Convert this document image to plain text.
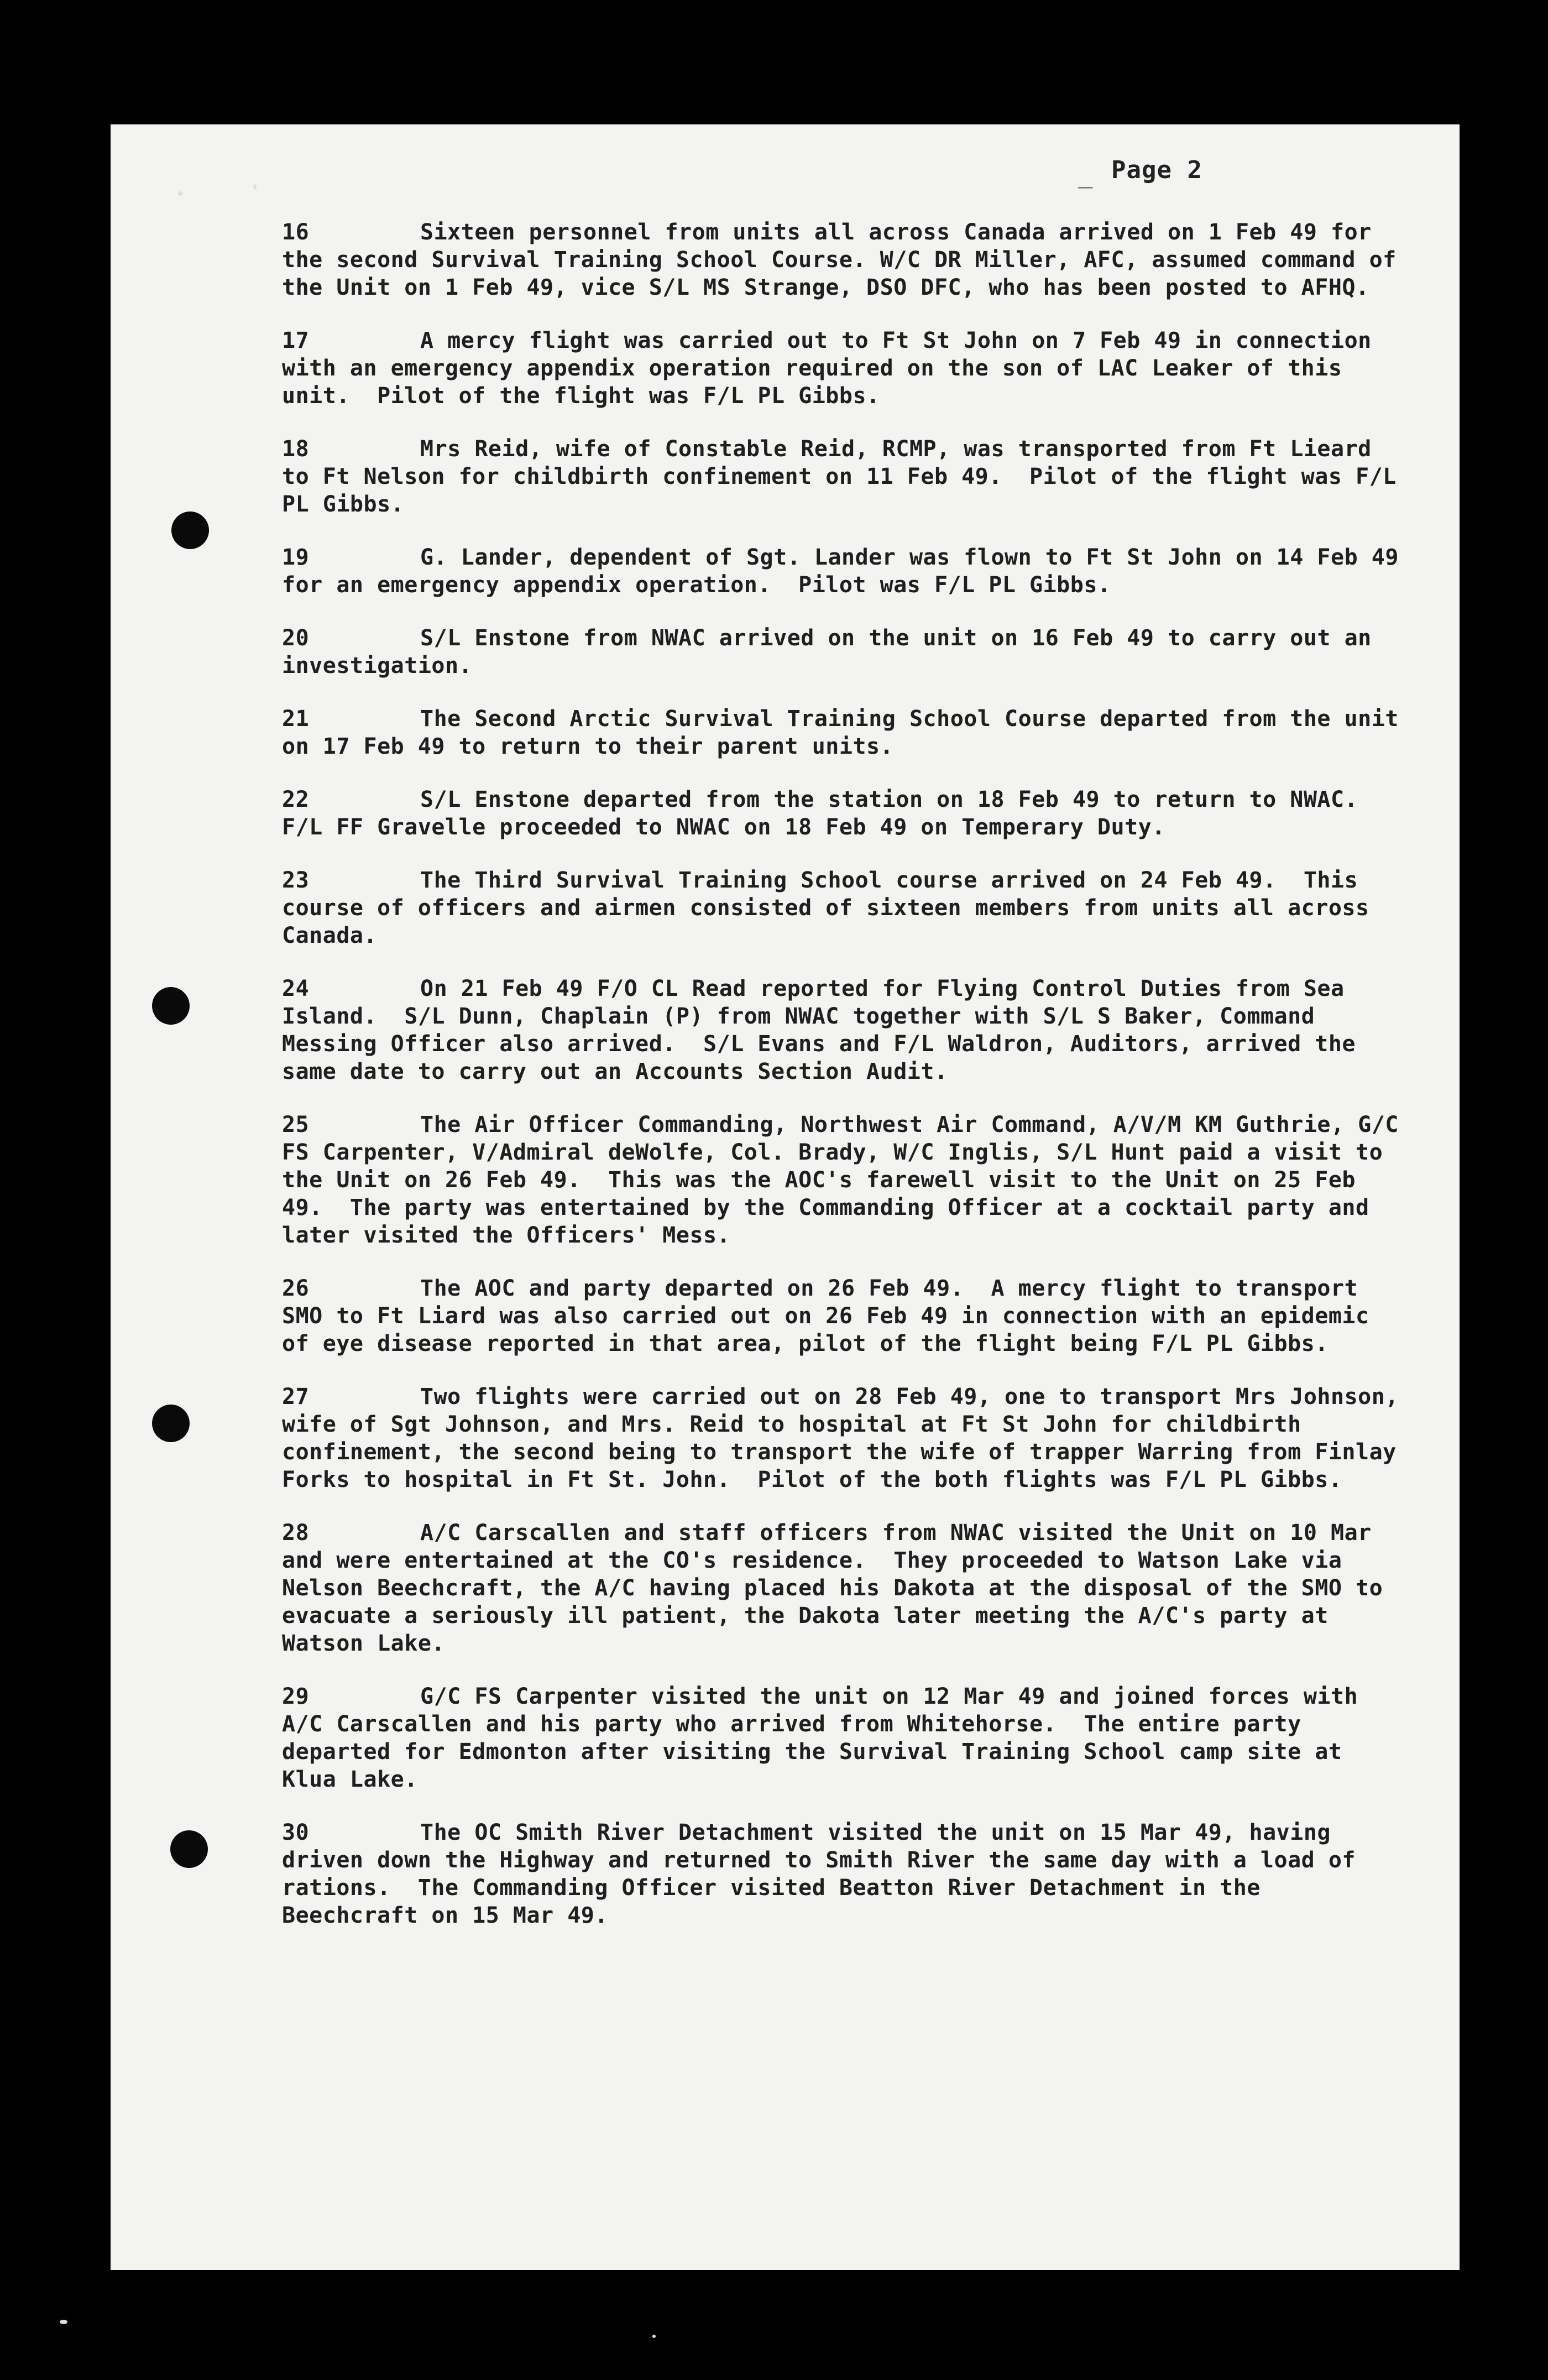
_ Page 2
16	Sixteen personnel from units all across Canada arrived on 1 Feb 49 for the second Survival Training School Course. W/C DR Miller, AFC, assumed command of the Unit on 1 Feb 49, vice S/L MS Strange, DSO DFC, who has been posted to AFHQ.
17	A mercy flight was carried out to Ft St John on 7 Feb 49 in connection with an emergency appendix operation required on the son of LAC Leaker of this unit.  Pilot of the flight was F/L PL Gibbs.
18	Mrs Reid, wife of Constable Reid, RCMP, was transported from Ft Lieard to Ft Nelson for childbirth confinement on 11 Feb 49.  Pilot of the flight was F/L PL Gibbs.
19	G. Lander, dependent of Sgt. Lander was flown to Ft St John on 14 Feb 49 for an emergency appendix operation.  Pilot was F/L PL Gibbs.
20	S/L Enstone from NWAC arrived on the unit on 16 Feb 49 to carry out an investigation.
21	The Second Arctic Survival Training School Course departed from the unit on 17 Feb 49 to return to their parent units.
22	S/L Enstone departed from the station on 18 Feb 49 to return to NWAC. F/L FF Gravelle proceeded to NWAC on 18 Feb 49 on Temperary Duty.
23	The Third Survival Training School course arrived on 24 Feb 49.  This course of officers and airmen consisted of sixteen members from units all across Canada.
24	On 21 Feb 49 F/O CL Read reported for Flying Control Duties from Sea Island.  S/L Dunn, Chaplain (P) from NWAC together with S/L S Baker, Command Messing Officer also arrived.  S/L Evans and F/L Waldron, Auditors, arrived the same date to carry out an Accounts Section Audit.
25	The Air Officer Commanding, Northwest Air Command, A/V/M KM Guthrie, G/C FS Carpenter, V/Admiral deWolfe, Col. Brady, W/C Inglis, S/L Hunt paid a visit to the Unit on 26 Feb 49.  This was the AOC's farewell visit to the Unit on 25 Feb 49.  The party was entertained by the Commanding Officer at a cocktail party and later visited the Officers' Mess.
26	The AOC and party departed on 26 Feb 49.  A mercy flight to transport SMO to Ft Liard was also carried out on 26 Feb 49 in connection with an epidemic of eye disease reported in that area, pilot of the flight being F/L PL Gibbs.
27	Two flights were carried out on 28 Feb 49, one to transport Mrs Johnson, wife of Sgt Johnson, and Mrs. Reid to hospital at Ft St John for childbirth confinement, the second being to transport the wife of trapper Warring from Finlay Forks to hospital in Ft St. John.  Pilot of the both flights was F/L PL Gibbs.
28	A/C Carscallen and staff officers from NWAC visited the Unit on 10 Mar and were entertained at the CO's residence.  They proceeded to Watson Lake via Nelson Beechcraft, the A/C having placed his Dakota at the disposal of the SMO to evacuate a seriously ill patient, the Dakota later meeting the A/C's party at Watson Lake.
29	G/C FS Carpenter visited the unit on 12 Mar 49 and joined forces with A/C Carscallen and his party who arrived from Whitehorse.  The entire party departed for Edmonton after visiting the Survival Training School camp site at Klua Lake.
30	The OC Smith River Detachment visited the unit on 15 Mar 49, having driven down the Highway and returned to Smith River the same day with a load of rations.  The Commanding Officer visited Beatton River Detachment in the Beechcraft on 15 Mar 49.
